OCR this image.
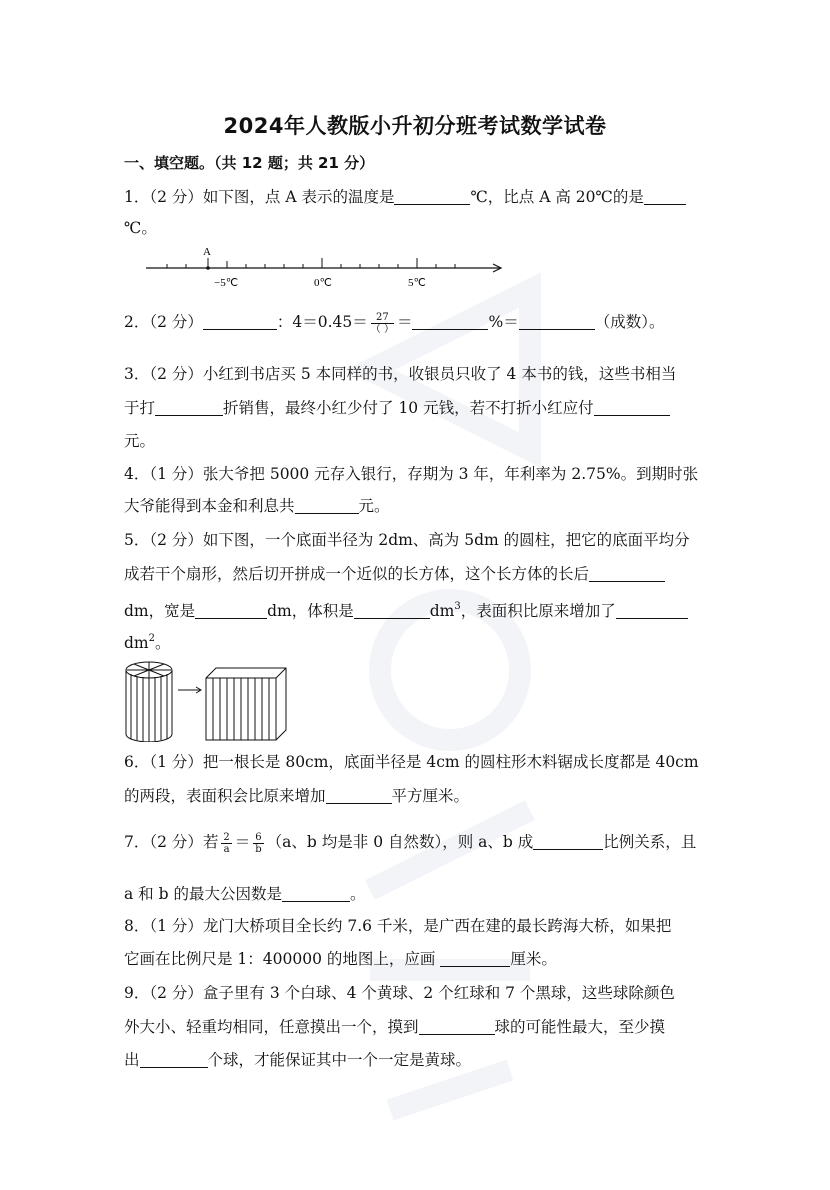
2024年人教版小升初分班考试数学试卷
一、填空题。（共 12 题；共 21 分）
1．（2 分）如下图，点 A 表示的温度是	℃，比点 A 高 20℃的是
℃。
A
−5℃	0℃	5℃
2．（2 分）	：$4=0.45= \frac{27}{( )}$ ＝	%＝	（成数）。
3．（2 分）小红到书店买 5 本同样的书，收银员只收了 4 本书的钱，这些书相当
于打	折销售，最终小红少付了 10 元钱，若不打折小红应付
元。
4．（1 分）张大爷把 5000 元存入银行，存期为 3 年，年利率为 2.75%。到期时张
大爷能得到本金和利息共	元。
5．（2 分）如下图，一个底面半径为 2dm、高为 5dm 的圆柱，把它的底面平均分
成若干个扇形，然后切开拼成一个近似的长方体，这个长方体的长后
dm，宽是	dm，体积是	$dm^3$，表面积比原来增加了
$dm^2$。
6．（1 分）把一根长是 80cm，底面半径是 4cm 的圆柱形木料锯成长度都是 40cm
的两段，表面积会比原来增加	平方厘米。
7．（2 分）若 $\frac{2}{a} = \frac{6}{b} (a$、b 均是非 0 自然数），则 a、b 成	比例关系，且
a 和 b 的最大公因数是	。
8．（1 分）龙门大桥项目全长约 7.6 千米，是广西在建的最长跨海大桥，如果把
它画在比例尺是 1：400000 的地图上，应画	厘米。
9．（2 分）盒子里有 3 个白球、4 个黄球、2 个红球和 7 个黑球，这些球除颜色
外大小、轻重均相同，任意摸出一个，摸到	球的可能性最大，至少摸
出	个球，才能保证其中一个一定是黄球。
